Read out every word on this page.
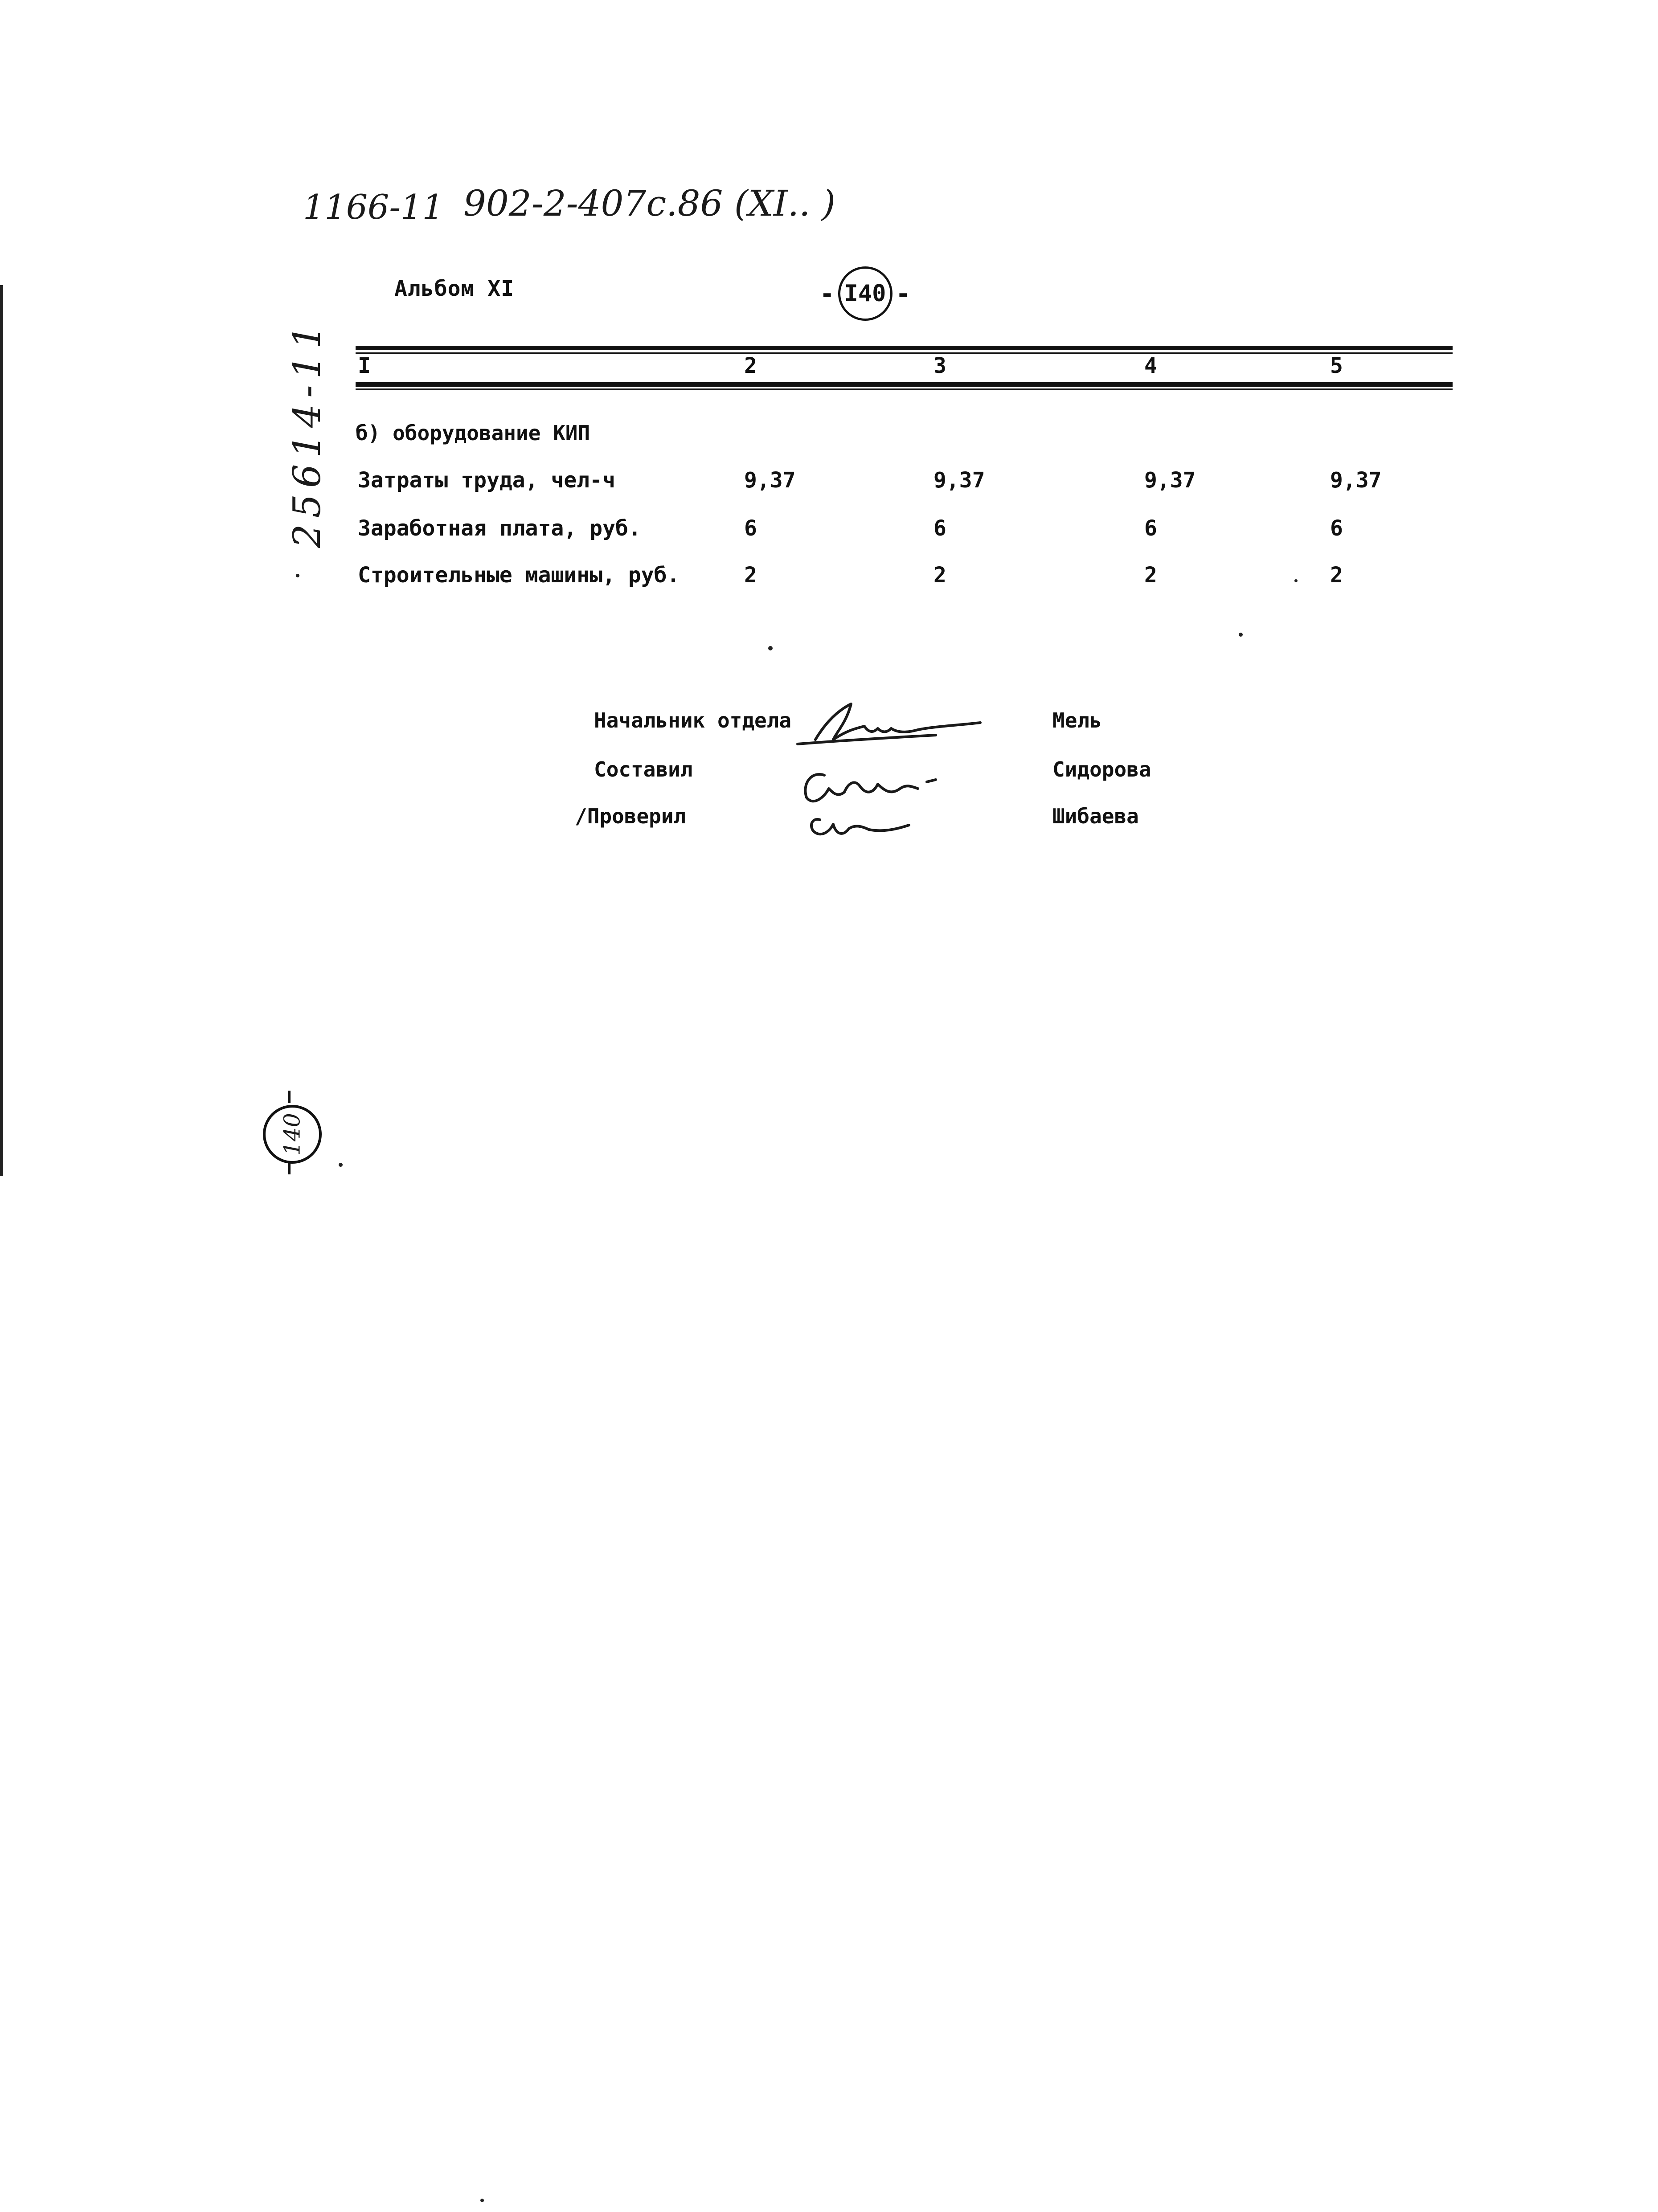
1166-11 902-2-407с.86 (XI.. )
Альбом XI	- I40 -
I	2	3	4	5
б) оборудование КИП
Затраты труда, чел-ч	9,37	9,37	9,37	9,37
Заработная плата, руб.	6	6	6	6
Строительные машины, руб.	2	2	2	2
Начальник отдела
Составил
/Проверил
Мель
Сидорова
Шибаева
25614-11
140
